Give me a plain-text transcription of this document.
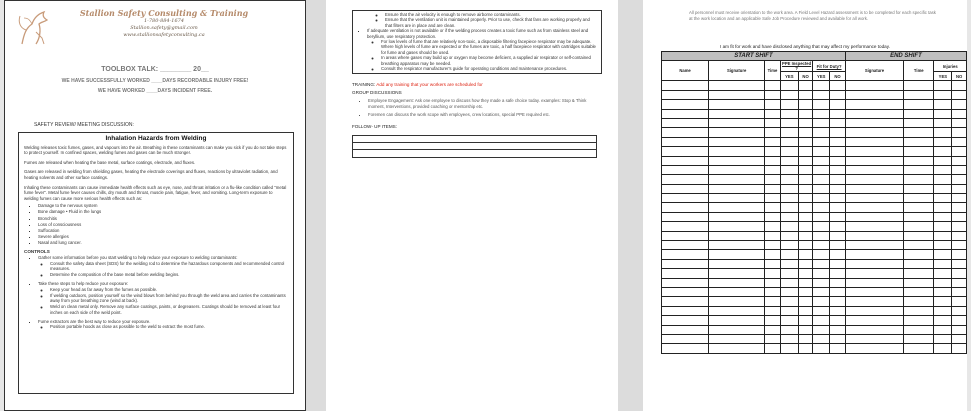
Stallion Safety Consulting & Training
1-780-884-1674
Stallion.safety@gmail.com
www.stallionsafetyconsulting.ca
TOOLBOX TALK: ________ 20__
WE HAVE SUCCESSFULLY WORKED ____DAYS RECORDABLE INJURY FREE!
WE HAVE WORKED ____DAYS INCIDENT FREE.
SAFETY REVIEW/ MEETING DISCUSSION:
Inhalation Hazards from Welding

Welding releases toxic fumes, gases, and vapours into the air. Breathing in these contaminants can make you sick if you do not take steps to protect yourself. In confined spaces, welding fumes and gases can be much stronger.

Fumes are released when heating the base metal, surface coatings, electrode, and fluxes.

Gases are released in welding from shielding gases, heating the electrode coverings and fluxes, reactions by ultraviolet radiation, and heating solvents and other surface coatings.

Inhaling these contaminants can cause immediate health effects such as eye, nose, and throat irritation or a flu-like condition called "metal fume fever". Metal fume fever causes chills, dry mouth and throat, muscle pain, fatigue, fever, and vomiting. Long-term exposure to welding fumes can cause more serious health effects such as:

▪ Damage to the nervous system
▪ Bone damage • Fluid in the lungs
▪ Bronchitis
▪ Loss of consciousness
▪ Suffocation
▪ Severe allergies
▪ Nasal and lung cancer.
CONTROLS
▪ Gather some information before you start welding to help reduce your exposure to welding contaminants:
◦ Consult the safety data sheet (SDS) for the welding rod to determine the hazardous components and recommended control measures.
◦ Determine the composition of the base metal before welding begins.
▪ Take these steps to help reduce your exposure:
◦ Keep your head as far away from the fumes as possible.
◦ If welding outdoors, position yourself so the wind blows from behind you through the weld area and carries the contaminants away from your breathing zone (wind at back).
◦ Weld on clean metal only. Remove any surface coatings, paints, or degreasers. Coatings should be removed at least four inches on each side of the weld point.
▪ Fume extractors are the best way to reduce your exposure.
◦ Position portable hoods as close as possible to the weld to extract the most fume.
◦ Ensure that the air velocity is enough to remove airborne contaminants.
◦ Ensure that the ventilation unit is maintained properly. Prior to use, check that fans are working properly and that filters are in place and are clean.
▪ If adequate ventilation is not available or if the welding process creates a toxic fume such as from stainless steel and beryllium, use respiratory protection.
◦ For low levels of fume that are relatively non-toxic, a disposable filtering facepiece respirator may be adequate. Where high levels of fume are expected or the fumes are toxic, a half facepiece respirator with cartridges suitable for fume and gases should be used.
◦ In areas where gases may build up or oxygen may become deficient, a supplied air respirator or self-contained breathing apparatus may be needed.
◦ Consult the respirator manufacturer's guide for operating conditions and maintenance procedures.
TRAINING: Add any training that your workers are scheduled for
GROUP DISCUSSIONS
▪ Employee Engagement: Ask one employee to discuss how they made a safe choice today. examples: Stop & Think moment, Interventions, provided coaching or mentorship etc.
▪ Foremen can discuss the work scope with employees, crew locations, special PPE required etc.
FOLLOW- UP ITEMS:
All personnel must receive orientation to the work area. A Field Level Hazard assessment is to be completed for each specific task at the work location and an applicable Safe Job Procedure reviewed and available for all work.
I am fit for work and have disclosed anything that may affect my performance today.
START SHIFT							END SHIFT			
Name	Signature	Time	PPE Inspected ?		Fit for Duty?		Signature	Time	Injuries	
			YES	NO	YES	NO			YES	NO
